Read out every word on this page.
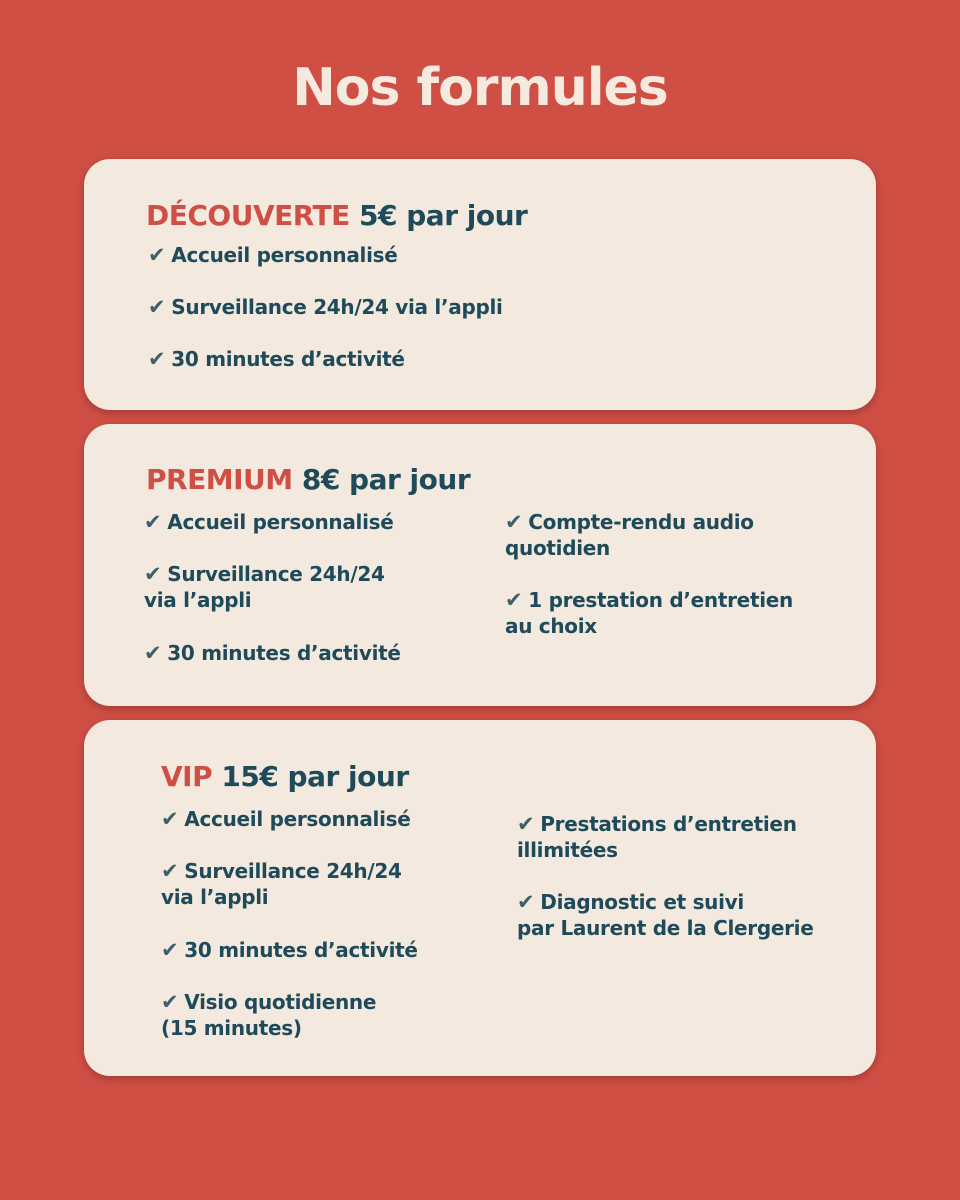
Nos formules
DÉCOUVERTE 5€ par jour
✔ Accueil personnalisé
✔ Surveillance 24h/24 via l’appli
✔ 30 minutes d’activité
PREMIUM 8€ par jour
✔ Accueil personnalisé
✔ Surveillance 24h/24
via l’appli
✔ 30 minutes d’activité
✔ Compte-rendu audio
quotidien
✔ 1 prestation d’entretien
au choix
VIP 15€ par jour
✔ Accueil personnalisé
✔ Surveillance 24h/24
via l’appli
✔ 30 minutes d’activité
✔ Visio quotidienne
(15 minutes)
✔ Prestations d’entretien
illimitées
✔ Diagnostic et suivi
par Laurent de la Clergerie
